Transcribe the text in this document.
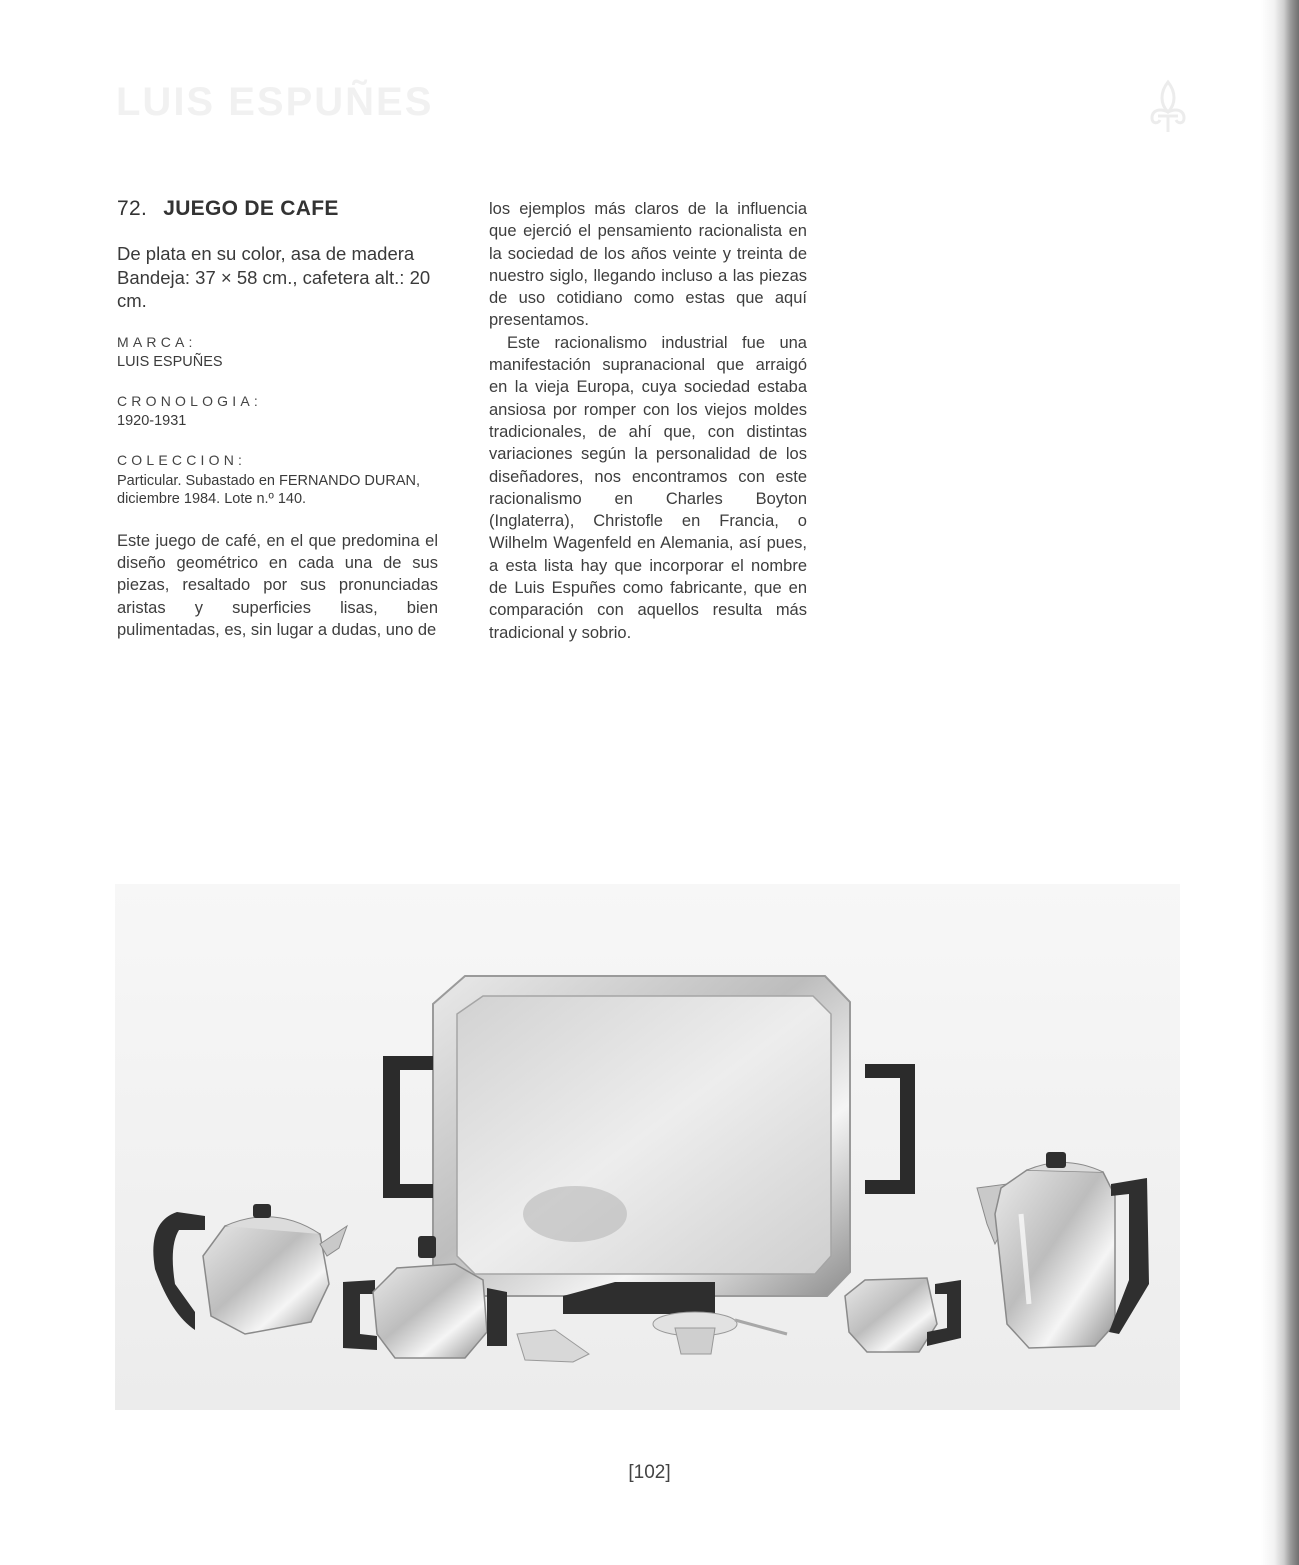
LUIS ESPUÑES
72. JUEGO DE CAFE
De plata en su color, asa de madera
Bandeja: 37 × 58 cm., cafetera alt.: 20 cm.
MARCA:
LUIS ESPUÑES
CRONOLOGIA:
1920-1931
COLECCION:
Particular. Subastado en FERNANDO DURAN, diciembre 1984. Lote n.º 140.

Este juego de café, en el que predomina el diseño geométrico en cada una de sus piezas, resaltado por sus pronunciadas aristas y superficies lisas, bien pulimentadas, es, sin lugar a dudas, uno de

los ejemplos más claros de la influencia que ejerció el pensamiento racionalista en la sociedad de los años veinte y treinta de nuestro siglo, llegando incluso a las piezas de uso cotidiano como estas que aquí presentamos.

Este racionalismo industrial fue una manifestación supranacional que arraigó en la vieja Europa, cuya sociedad estaba ansiosa por romper con los viejos moldes tradicionales, de ahí que, con distintas variaciones según la personalidad de los diseñadores, nos encontramos con este racionalismo en Charles Boyton (Inglaterra), Christofle en Francia, o Wilhelm Wagenfeld en Alemania, así pues, a esta lista hay que incorporar el nombre de Luis Espuñes como fabricante, que en comparación con aquellos resulta más tradicional y sobrio.

[102]
